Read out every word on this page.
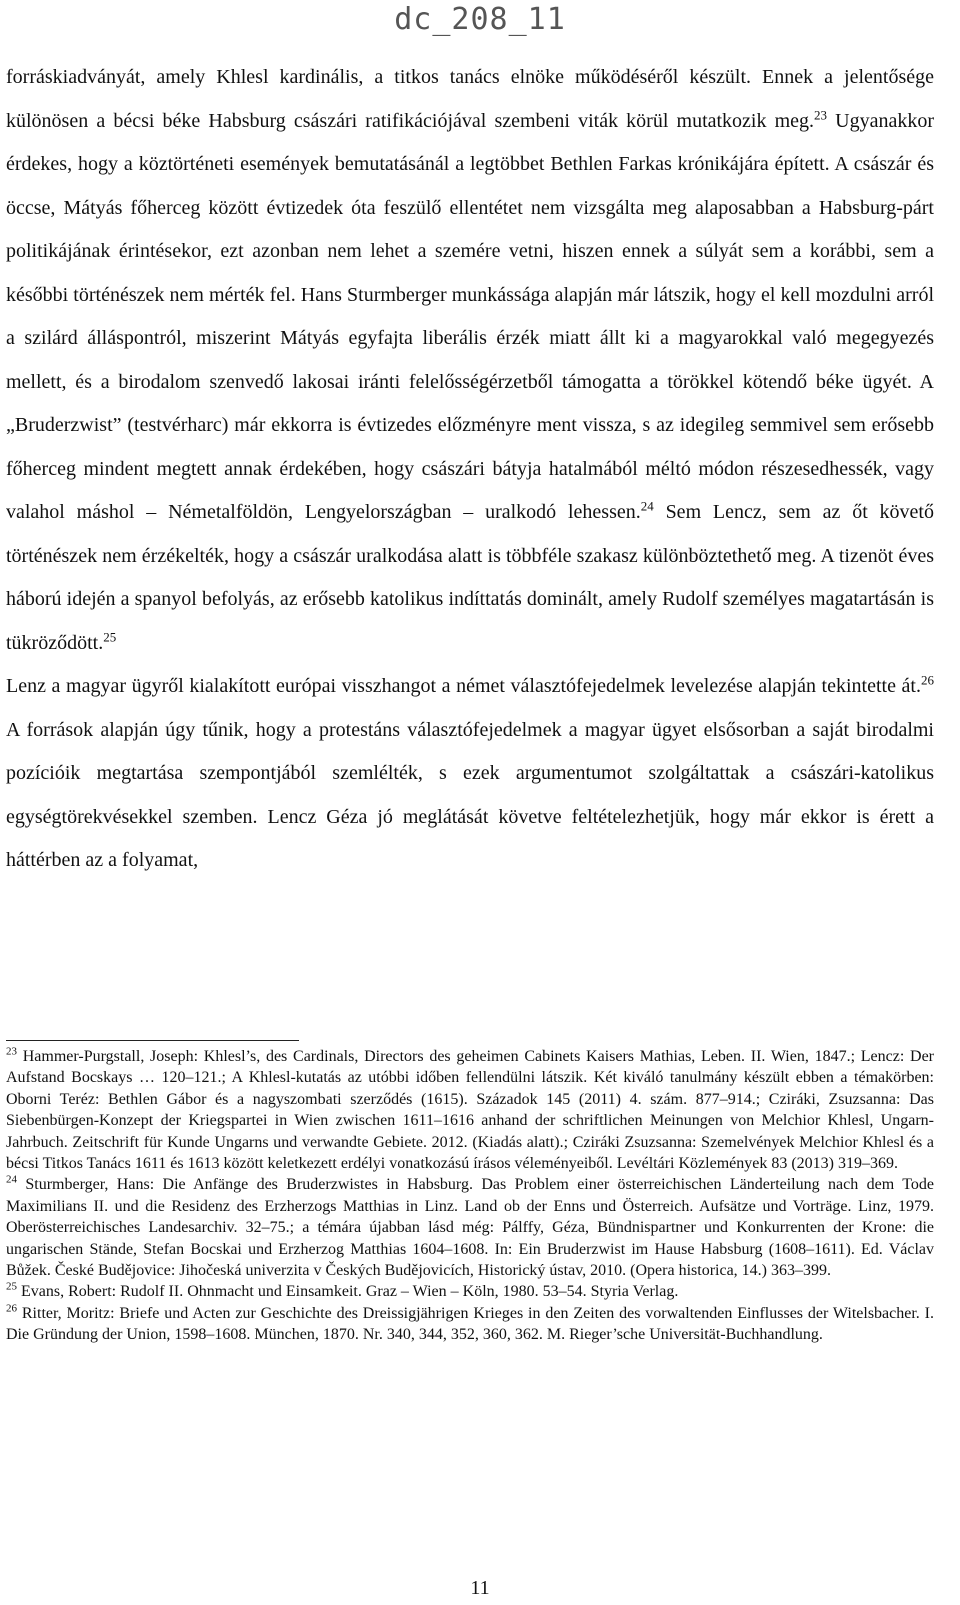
dc_208_11

forráskiadványát, amely Khlesl kardinális, a titkos tanács elnöke működéséről készült. Ennek a jelentősége különösen a bécsi béke Habsburg császári ratifikációjával szembeni viták körül mutatkozik meg.$^{23}$ Ugyanakkor érdekes, hogy a köztörténeti események bemutatásánál a legtöbbet Bethlen Farkas krónikájára épített. A császár és öccse, Mátyás főherceg között évtizedek óta feszülő ellentétet nem vizsgálta meg alaposabban a Habsburg-párt politikájának érintésekor, ezt azonban nem lehet a szemére vetni, hiszen ennek a súlyát sem a korábbi, sem a későbbi történészek nem mérték fel. Hans Sturmberger munkássága alapján már látszik, hogy el kell mozdulni arról a szilárd álláspontról, miszerint Mátyás egyfajta liberális érzék miatt állt ki a magyarokkal való megegyezés mellett, és a birodalom szenvedő lakosai iránti felelősségérzetből támogatta a törökkel kötendő béke ügyét. A „Bruderzwist” (testvérharc) már ekkorra is évtizedes előzményre ment vissza, s az idegileg semmivel sem erősebb főherceg mindent megtett annak érdekében, hogy császári bátyja hatalmából méltó módon részesedhessék, vagy valahol máshol – Németalföldön, Lengyelországban – uralkodó lehessen.$^{24}$ Sem Lencz, sem az őt követő történészek nem érzékelték, hogy a császár uralkodása alatt is többféle szakasz különböztethető meg. A tizenöt éves háború idején a spanyol befolyás, az erősebb katolikus indíttatás dominált, amely Rudolf személyes magatartásán is tükröződött.$^{25}$

Lenz a magyar ügyről kialakított európai visszhangot a német választófejedelmek levelezése alapján tekintette át.$^{26}$ A források alapján úgy tűnik, hogy a protestáns választófejedelmek a magyar ügyet elsősorban a saját birodalmi pozícióik megtartása szempontjából szemlélték, s ezek argumentumot szolgáltattak a császári-katolikus egységtörekvésekkel szemben. Lencz Géza jó meglátását követve feltételezhetjük, hogy már ekkor is érett a háttérben az a folyamat,

$^{23}$ Hammer-Purgstall, Joseph: Khlesl’s, des Cardinals, Directors des geheimen Cabinets Kaisers Mathias, Leben. II. Wien, 1847.; Lencz: Der Aufstand Bocskays … 120–121.; A Khlesl-kutatás az utóbbi időben fellendülni látszik. Két kiváló tanulmány készült ebben a témakörben: Oborni Teréz: Bethlen Gábor és a nagyszombati szerződés (1615). Századok 145 (2011) 4. szám. 877–914.; Cziráki, Zsuzsanna: Das Siebenbürgen-Konzept der Kriegspartei in Wien zwischen 1611–1616 anhand der schriftlichen Meinungen von Melchior Khlesl, Ungarn-Jahrbuch. Zeitschrift für Kunde Ungarns und verwandte Gebiete. 2012. (Kiadás alatt).; Cziráki Zsuzsanna: Szemelvények Melchior Khlesl és a bécsi Titkos Tanács 1611 és 1613 között keletkezett erdélyi vonatkozású írásos véleményeiből. Levéltári Közlemények 83 (2013) 319–369.

$^{24}$ Sturmberger, Hans: Die Anfänge des Bruderzwistes in Habsburg. Das Problem einer österreichischen Länderteilung nach dem Tode Maximilians II. und die Residenz des Erzherzogs Matthias in Linz. Land ob der Enns und Österreich. Aufsätze und Vorträge. Linz, 1979. Oberösterreichisches Landesarchiv. 32–75.; a témára újabban lásd még: Pálffy, Géza, Bündnispartner und Konkurrenten der Krone: die ungarischen Stände, Stefan Bocskai und Erzherzog Matthias 1604–1608. In: Ein Bruderzwist im Hause Habsburg (1608–1611). Ed. Václav Bůžek. České Budějovice: Jihočeská univerzita v Českých Budějovicích, Historický ústav, 2010. (Opera historica, 14.) 363–399.

$^{25}$ Evans, Robert: Rudolf II. Ohnmacht und Einsamkeit. Graz – Wien – Köln, 1980. 53–54. Styria Verlag.

$^{26}$ Ritter, Moritz: Briefe und Acten zur Geschichte des Dreissigjährigen Krieges in den Zeiten des vorwaltenden Einflusses der Witelsbacher. I. Die Gründung der Union, 1598–1608. München, 1870. Nr. 340, 344, 352, 360, 362. M. Rieger’sche Universität-Buchhandlung.

11
